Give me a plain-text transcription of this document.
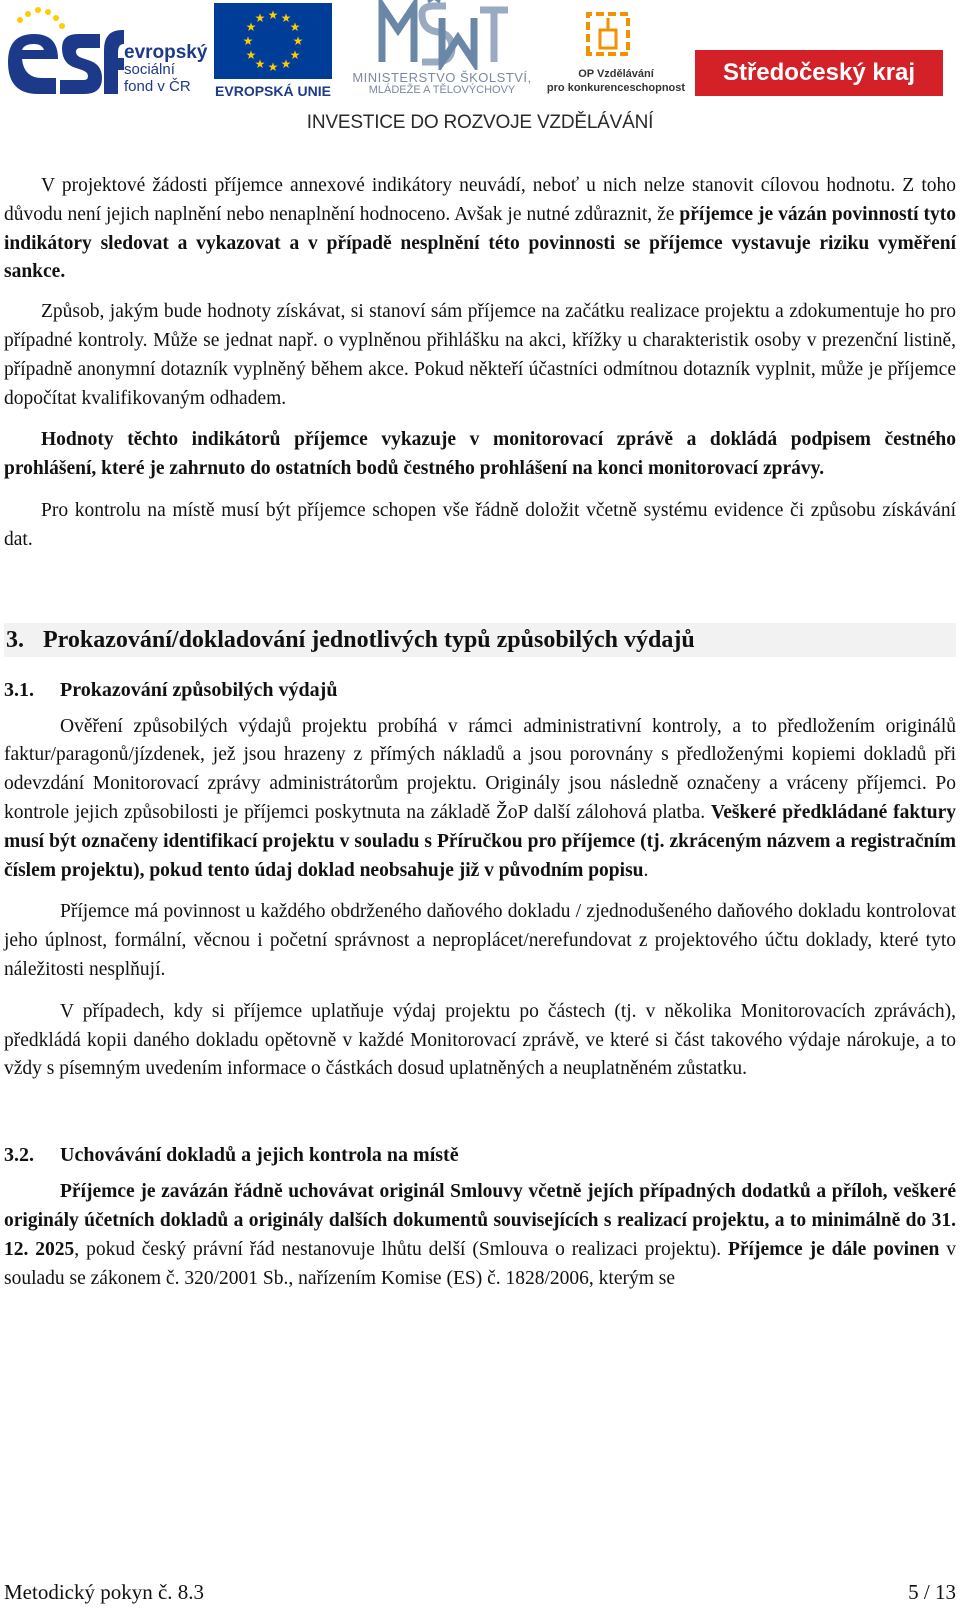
evropský
sociální
fond v ČR
★ ★
★
★
★
★
★
★
★
★
★
★
EVROPSKÁ UNIE
MINISTERSTVO ŠKOLSTVÍ,
MLÁDEŽE A TĚLOVÝCHOVY
OP Vzdělávání
pro konkurenceschopnost
Středočeský kraj
INVESTICE DO ROZVOJE VZDĚLÁVÁNÍ

V projektové žádosti příjemce annexové indikátory neuvádí, neboť u nich nelze stanovit cílovou hodnotu. Z toho důvodu není jejich naplnění nebo nenaplnění hodnoceno. Avšak je nutné zdůraznit, že příjemce je vázán povinností tyto indikátory sledovat a vykazovat a v případě nesplnění této povinnosti se příjemce vystavuje riziku vyměření sankce.

Způsob, jakým bude hodnoty získávat, si stanoví sám příjemce na začátku realizace projektu a zdokumentuje ho pro případné kontroly. Může se jednat např. o vyplněnou přihlášku na akci, křížky u charakteristik osoby v prezenční listině, případně anonymní dotazník vyplněný během akce. Pokud někteří účastníci odmítnou dotazník vyplnit, může je příjemce dopočítat kvalifikovaným odhadem.

Hodnoty těchto indikátorů příjemce vykazuje v monitorovací zprávě a dokládá podpisem čestného prohlášení, které je zahrnuto do ostatních bodů čestného prohlášení na konci monitorovací zprávy.

Pro kontrolu na místě musí být příjemce schopen vše řádně doložit včetně systému evidence či způsobu získávání dat.

3. Prokazování/dokladování jednotlivých typů způsobilých výdajů
3.1. Prokazování způsobilých výdajů

Ověření způsobilých výdajů projektu probíhá v rámci administrativní kontroly, a to předložením originálů faktur/paragonů/jízdenek, jež jsou hrazeny z přímých nákladů a jsou porovnány s předloženými kopiemi dokladů při odevzdání Monitorovací zprávy administrátorům projektu. Originály jsou následně označeny a vráceny příjemci. Po kontrole jejich způsobilosti je příjemci poskytnuta na základě ŽoP další zálohová platba. Veškeré předkládané faktury musí být označeny identifikací projektu v souladu s Příručkou pro příjemce (tj. zkráceným názvem a registračním číslem projektu), pokud tento údaj doklad neobsahuje již v původním popisu.

Příjemce má povinnost u každého obdrženého daňového dokladu / zjednodušeného daňového dokladu kontrolovat jeho úplnost, formální, věcnou i početní správnost a neproplácet/nerefundovat z projektového účtu doklady, které tyto náležitosti nesplňují.

V případech, kdy si příjemce uplatňuje výdaj projektu po částech (tj. v několika Monitorovacích zprávách), předkládá kopii daného dokladu opětovně v každé Monitorovací zprávě, ve které si část takového výdaje nárokuje, a to vždy s písemným uvedením informace o částkách dosud uplatněných a neuplatněném zůstatku.

3.2. Uchovávání dokladů a jejich kontrola na místě

Příjemce je zavázán řádně uchovávat originál Smlouvy včetně jejích případných dodatků a příloh, veškeré originály účetních dokladů a originály dalších dokumentů souvisejících s realizací projektu, a to minimálně do 31. 12. 2025, pokud český právní řád nestanovuje lhůtu delší (Smlouva o realizaci projektu). Příjemce je dále povinen v souladu se zákonem č. 320/2001 Sb., nařízením Komise (ES) č. 1828/2006, kterým se

Metodický pokyn č. 8.3	5 / 13
